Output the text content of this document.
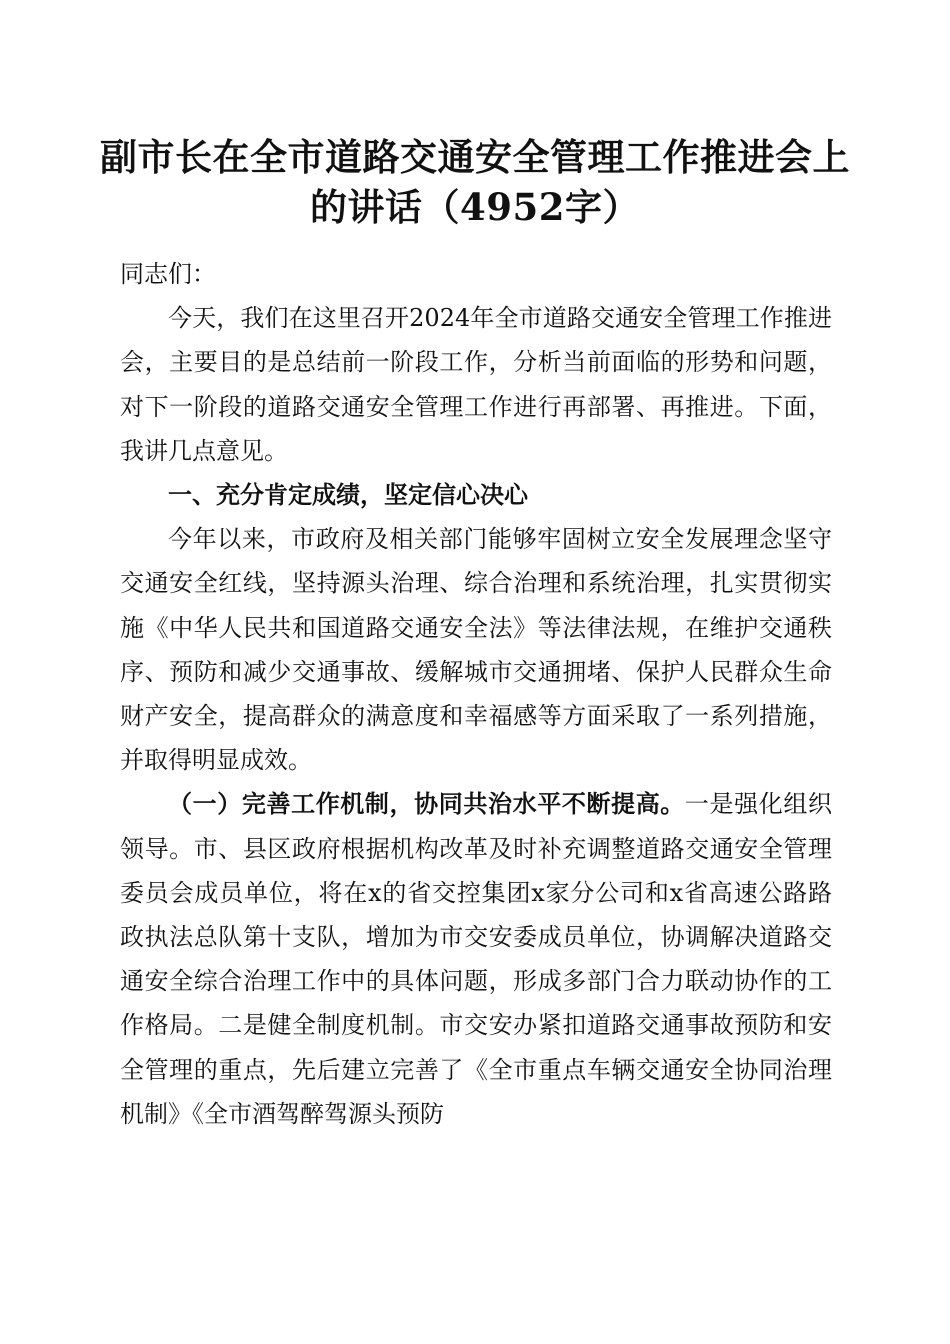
副市长在全市道路交通安全管理工作推进会上
的讲话（4952字）

同志们：

今天，我们在这里召开2024年全市道路交通安全管理工作推进会，主要目的是总结前一阶段工作，分析当前面临的形势和问题，对下一阶段的道路交通安全管理工作进行再部署、再推进。下面，我讲几点意见。

一、充分肯定成绩，坚定信心决心

今年以来，市政府及相关部门能够牢固树立安全发展理念坚守交通安全红线，坚持源头治理、综合治理和系统治理，扎实贯彻实施《中华人民共和国道路交通安全法》等法律法规，在维护交通秩序、预防和减少交通事故、缓解城市交通拥堵、保护人民群众生命财产安全，提高群众的满意度和幸福感等方面采取了一系列措施，并取得明显成效。

（一）完善工作机制，协同共治水平不断提高。一是强化组织领导。市、县区政府根据机构改革及时补充调整道路交通安全管理委员会成员单位，将在x的省交控集团x家分公司和x省高速公路路政执法总队第十支队，增加为市交安委成员单位，协调解决道路交通安全综合治理工作中的具体问题，形成多部门合力联动协作的工作格局。二是健全制度机制。市交安办紧扣道路交通事故预防和安全管理的重点，先后建立完善了《全市重点车辆交通安全协同治理机制》《全市酒驾醉驾源头预防
